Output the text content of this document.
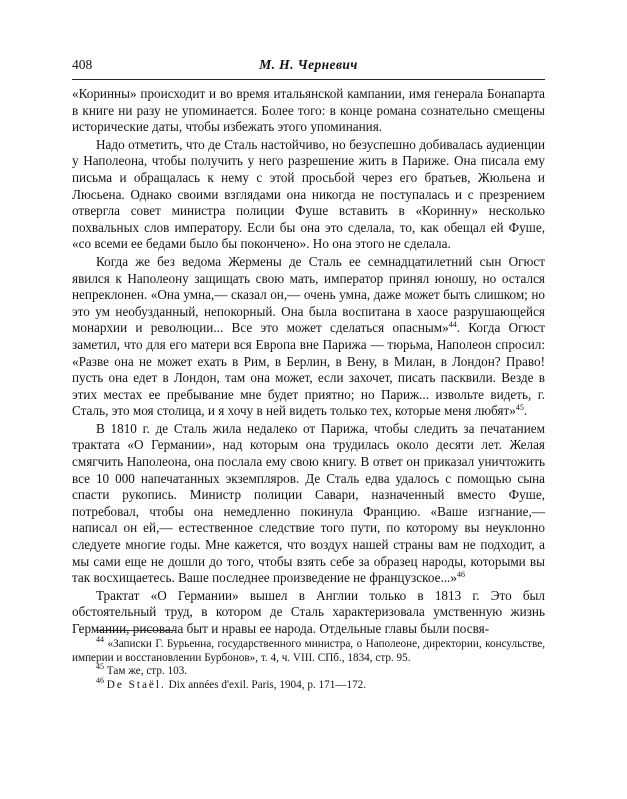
408	М. Н. Черневич

«Коринны» происходит и во время итальянской кампании, имя генерала Бонапарта в книге ни разу не упоминается. Более того: в конце романа сознательно смещены исторические даты, чтобы избежать этого упоминания.

Надо отметить, что де Сталь настойчиво, но безуспешно добивалась аудиенции у Наполеона, чтобы получить у него разрешение жить в Париже. Она писала ему письма и обращалась к нему с этой просьбой через его братьев, Жюльена и Люсьена. Однако своими взглядами она никогда не поступалась и с презрением отвергла совет министра полиции Фуше вставить в «Коринну» несколько похвальных слов императору. Если бы она это сделала, то, как обещал ей Фуше, «со всеми ее бедами было бы покончено». Но она этого не сделала.

Когда же без ведома Жермены де Сталь ее семнадцатилетний сын Огюст явился к Наполеону защищать свою мать, император принял юношу, но остался непреклонен. «Она умна,— сказал он,— очень умна, даже может быть слишком; но это ум необузданный, непокорный. Она была воспитана в хаосе разрушающейся монархии и революции... Все это может сделаться опасным»$^{44}$. Когда Огюст заметил, что для его матери вся Европа вне Парижа — тюрьма, Наполеон спросил: «Разве она не может ехать в Рим, в Берлин, в Вену, в Милан, в Лондон? Право! пусть она едет в Лондон, там она может, если захочет, писать пасквили. Везде в этих местах ее пребывание мне будет приятно; но Париж... извольте видеть, г. Сталь, это моя столица, и я хочу в ней видеть только тех, которые меня любят»$^{45}$.

В 1810 г. де Сталь жила недалеко от Парижа, чтобы следить за печатанием трактата «О Германии», над которым она трудилась около десяти лет. Желая смягчить Наполеона, она послала ему свою книгу. В ответ он приказал уничтожить все 10 000 напечатанных экземпляров. Де Сталь едва удалось с помощью сына спасти рукопись. Министр полиции Савари, назначенный вместо Фуше, потребовал, чтобы она немедленно покинула Францию. «Ваше изгнание,— написал он ей,— естественное следствие того пути, по которому вы неуклонно следуете многие годы. Мне кажется, что воздух нашей страны вам не подходит, а мы сами еще не дошли до того, чтобы взять себе за образец народы, которыми вы так восхищаетесь. Ваше последнее произведение не французское...»$^{46}$

Трактат «О Германии» вышел в Англии только в 1813 г. Это был обстоятельный труд, в котором де Сталь характеризовала умственную жизнь Германии, рисовала быт и нравы ее народа. Отдельные главы были посвя-

$^{44}$ «Записки Г. Бурьенна, государственного министра, о Наполеоне, директории, консульстве, империи и восстановлении Бурбонов», т. 4, ч. VIII. СПб., 1834, стр. 95.

$^{45}$ Там же, стр. 103.

$^{46}$ De Staël. Dix années d'exil. Paris, 1904, p. 171—172.
